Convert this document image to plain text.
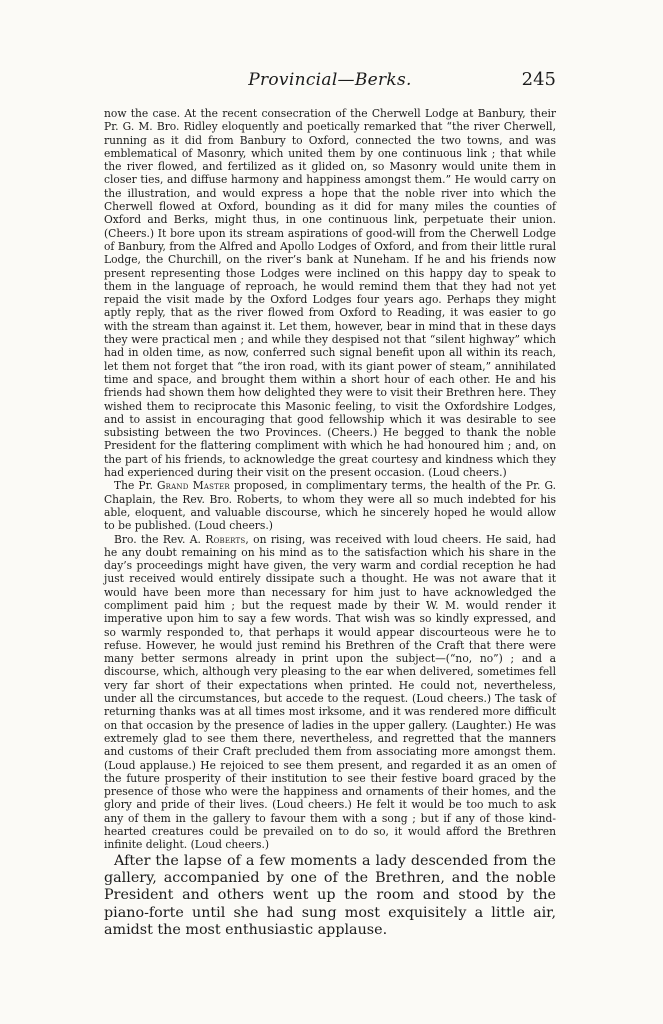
Provincial—Berks.	245

now the case. At the recent consecration of the Cherwell Lodge at Banbury, their Pr. G. M. Bro. Ridley eloquently and poetically remarked that “the river Cherwell, running as it did from Banbury to Oxford, connected the two towns, and was emblematical of Masonry, which united them by one continuous link ; that while the river flowed, and fertilized as it glided on, so Masonry would unite them in closer ties, and diffuse harmony and happiness amongst them.” He would carry on the illustration, and would express a hope that the noble river into which the Cherwell flowed at Oxford, bounding as it did for many miles the counties of Oxford and Berks, might thus, in one continuous link, perpetuate their union. (Cheers.) It bore upon its stream aspirations of good-will from the Cherwell Lodge of Banbury, from the Alfred and Apollo Lodges of Oxford, and from their little rural Lodge, the Churchill, on the river’s bank at Nuneham. If he and his friends now present representing those Lodges were inclined on this happy day to speak to them in the language of reproach, he would remind them that they had not yet repaid the visit made by the Oxford Lodges four years ago. Perhaps they might aptly reply, that as the river flowed from Oxford to Reading, it was easier to go with the stream than against it. Let them, however, bear in mind that in these days they were practical men ; and while they despised not that “silent highway” which had in olden time, as now, conferred such signal benefit upon all within its reach, let them not forget that “the iron road, with its giant power of steam,” annihilated time and space, and brought them within a short hour of each other. He and his friends had shown them how delighted they were to visit their Brethren here. They wished them to reciprocate this Masonic feeling, to visit the Oxfordshire Lodges, and to assist in encouraging that good fellowship which it was desirable to see subsisting between the two Provinces. (Cheers.) He begged to thank the noble President for the flattering compliment with which he had honoured him ; and, on the part of his friends, to acknowledge the great courtesy and kindness which they had experienced during their visit on the present occasion. (Loud cheers.)

The Pr. Grand Master proposed, in complimentary terms, the health of the Pr. G. Chaplain, the Rev. Bro. Roberts, to whom they were all so much indebted for his able, eloquent, and valuable discourse, which he sincerely hoped he would allow to be published. (Loud cheers.)

Bro. the Rev. A. Roberts, on rising, was received with loud cheers. He said, had he any doubt remaining on his mind as to the satisfaction which his share in the day’s proceedings might have given, the very warm and cordial reception he had just received would entirely dissipate such a thought. He was not aware that it would have been more than necessary for him just to have acknowledged the compliment paid him ; but the request made by their W. M. would render it imperative upon him to say a few words. That wish was so kindly expressed, and so warmly responded to, that perhaps it would appear discourteous were he to refuse. However, he would just remind his Brethren of the Craft that there were many better sermons already in print upon the subject—(“no, no”) ; and a discourse, which, although very pleasing to the ear when delivered, sometimes fell very far short of their expectations when printed. He could not, nevertheless, under all the circumstances, but accede to the request. (Loud cheers.) The task of returning thanks was at all times most irksome, and it was rendered more difficult on that occasion by the presence of ladies in the upper gallery. (Laughter.) He was extremely glad to see them there, nevertheless, and regretted that the manners and customs of their Craft precluded them from associating more amongst them. (Loud applause.) He rejoiced to see them present, and regarded it as an omen of the future prosperity of their institution to see their festive board graced by the presence of those who were the happiness and ornaments of their homes, and the glory and pride of their lives. (Loud cheers.) He felt it would be too much to ask any of them in the gallery to favour them with a song ; but if any of those kind-hearted creatures could be prevailed on to do so, it would afford the Brethren infinite delight. (Loud cheers.)

After the lapse of a few moments a lady descended from the gallery, accompanied by one of the Brethren, and the noble President and others went up the room and stood by the piano-forte until she had sung most exquisitely a little air, amidst the most enthusiastic applause.
